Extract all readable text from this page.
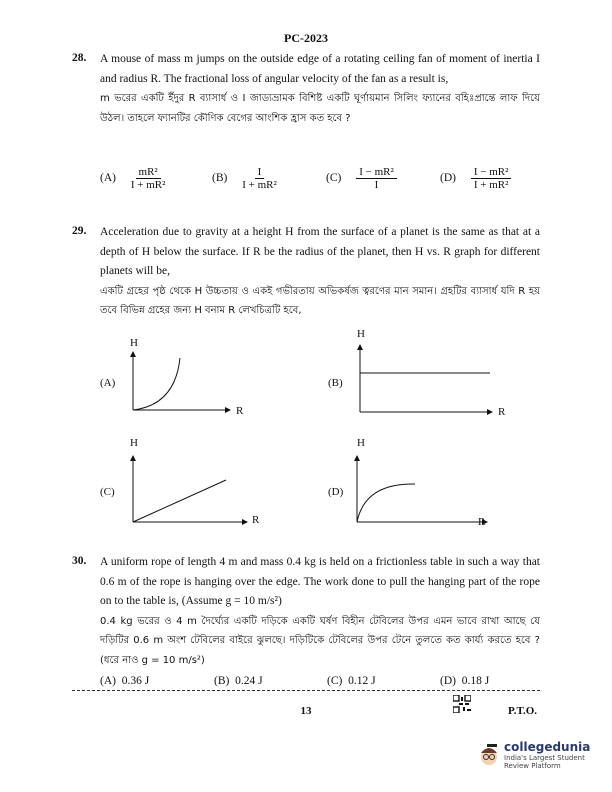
PC-2023
28. A mouse of mass m jumps on the outside edge of a rotating ceiling fan of moment of inertia I and radius R. The fractional loss of angular velocity of the fan as a result is,
m ভরের একটি ইঁদুর R ব্যাসার্ধ ও I জাড্যভ্রামক বিশিষ্ট একটি ঘূর্ণায়মান সিলিং ফ্যানের বহিঃপ্রান্তে লাফ দিয়ে উঠল। তাহলে ফ্যানটির কৌণিক বেগের আংশিক হ্রাস কত হবে ?
$(A) \frac{\text{mR²}}{\text{I + mR²}}$	$(B) \frac{I}{\text{I + mR²}}$	$(C) \frac{\text{I − mR²}}{I}$	$(D) \frac{\text{I − mR²}}{\text{I + mR²}}$
29. Acceleration due to gravity at a height H from the surface of a planet is the same as that at a depth of H below the surface. If R be the radius of the planet, then H vs. R graph for different planets will be,
একটি গ্রহের পৃষ্ঠ থেকে H উচ্চতায় ও একই গভীরতায় অভিকর্ষজ ত্বরণের মান সমান। গ্রহটির ব্যাসার্ধ যদি R হয় তবে বিভিন্ন গ্রহের জন্য H বনাম R লেখচিত্রটি হবে,
H
R
(A)
H
R
(B)
H
R
(C)
H
R
(D)
30. A uniform rope of length 4 m and mass 0.4 kg is held on a frictionless table in such a way that 0.6 m of the rope is hanging over the edge. The work done to pull the hanging part of the rope on to the table is, (Assume g = 10 m/s²)
0.4 kg ভরের ও 4 m দৈর্ঘ্যের একটি দড়িকে একটি ঘর্ষণ বিহীন টেবিলের উপর এমন ভাবে রাখা আছে যে দড়িটির 0.6 m অংশ টেবিলের বাইরে ঝুলছে। দড়িটিকে টেবিলের উপর টেনে তুলতে কত কার্য্য করতে হবে ? (ধরে নাও g = 10 m/s²)
(A) 0.36 J	(B) 0.24 J	(C) 0.12 J	(D) 0.18 J
13	P.T.O.
collegedunia
India's Largest Student Review Platform
